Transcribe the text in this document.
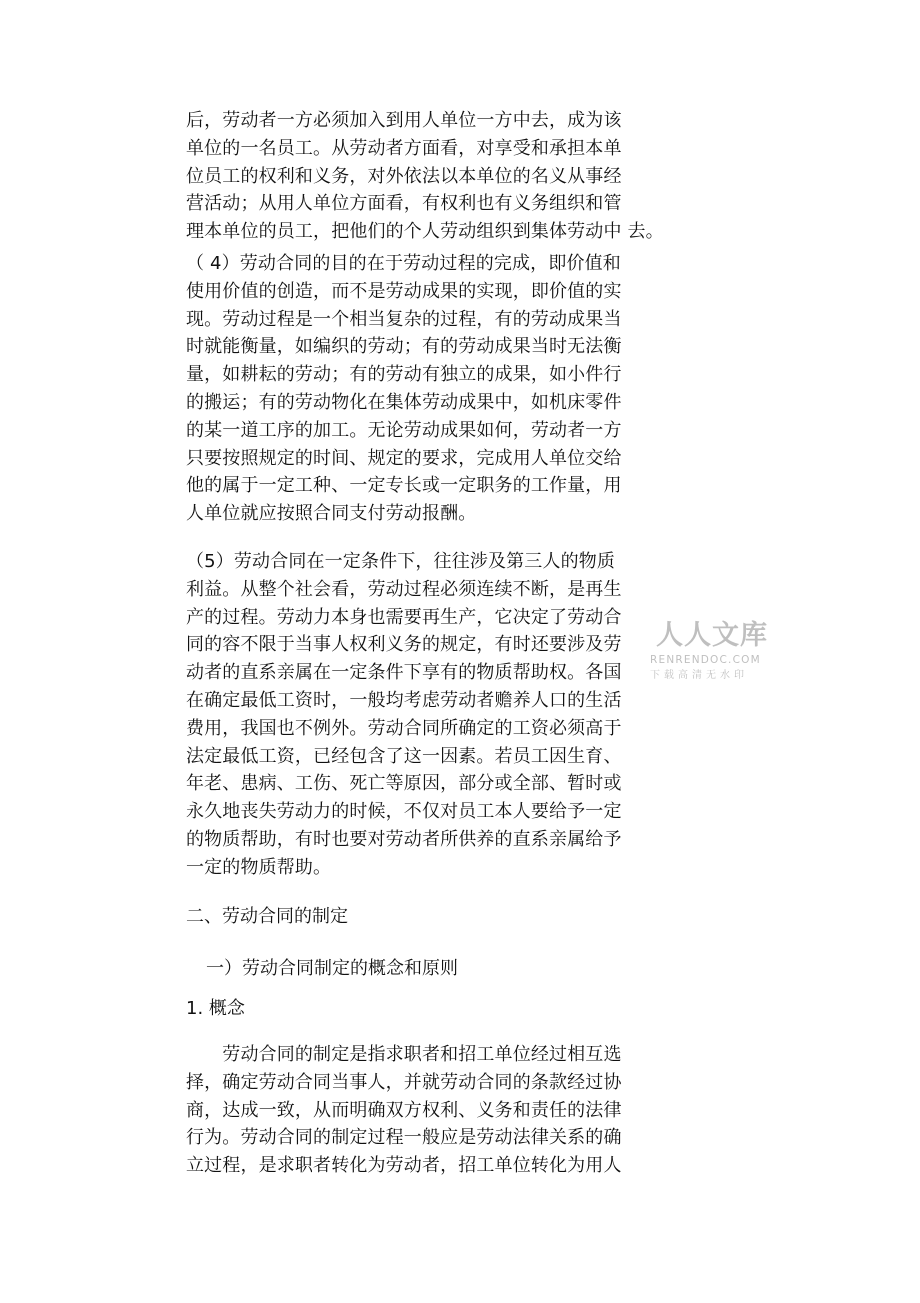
后，劳动者一方必须加入到用人单位一方中去，成为该
单位的一名员工。从劳动者方面看，对享受和承担本单
位员工的权利和义务，对外依法以本单位的名义从事经
营活动；从用人单位方面看，有权利也有义务组织和管
理本单位的员工，把他们的个人劳动组织到集体劳动中 去。
（ 4）劳动合同的目的在于劳动过程的完成，即价值和
使用价值的创造，而不是劳动成果的实现，即价值的实
现。劳动过程是一个相当复杂的过程，有的劳动成果当
时就能衡量，如编织的劳动；有的劳动成果当时无法衡
量，如耕耘的劳动；有的劳动有独立的成果，如小件行
的搬运；有的劳动物化在集体劳动成果中，如机床零件
的某一道工序的加工。无论劳动成果如何，劳动者一方
只要按照规定的时间、规定的要求，完成用人单位交给
他的属于一定工种、一定专长或一定职务的工作量，用
人单位就应按照合同支付劳动报酬。
（5）劳动合同在一定条件下，往往涉及第三人的物质
利益。从整个社会看，劳动过程必须连续不断，是再生
产的过程。劳动力本身也需要再生产，它决定了劳动合
同的容不限于当事人权利义务的规定，有时还要涉及劳
动者的直系亲属在一定条件下享有的物质帮助权。各国
在确定最低工资时，一般均考虑劳动者赡养人口的生活
费用，我国也不例外。劳动合同所确定的工资必须高于
法定最低工资，已经包含了这一因素。若员工因生育、
年老、患病、工伤、死亡等原因，部分或全部、暂时或
永久地丧失劳动力的时候，不仅对员工本人要给予一定
的物质帮助，有时也要对劳动者所供养的直系亲属给予
一定的物质帮助。
二、劳动合同的制定
一）劳动合同制定的概念和原则
1. 概念
　　劳动合同的制定是指求职者和招工单位经过相互选
择，确定劳动合同当事人，并就劳动合同的条款经过协
商，达成一致，从而明确双方权利、义务和责任的法律
行为。劳动合同的制定过程一般应是劳动法律关系的确
立过程，是求职者转化为劳动者，招工单位转化为用人
人人文库
RENRENDOC.COM
下载高清无水印
